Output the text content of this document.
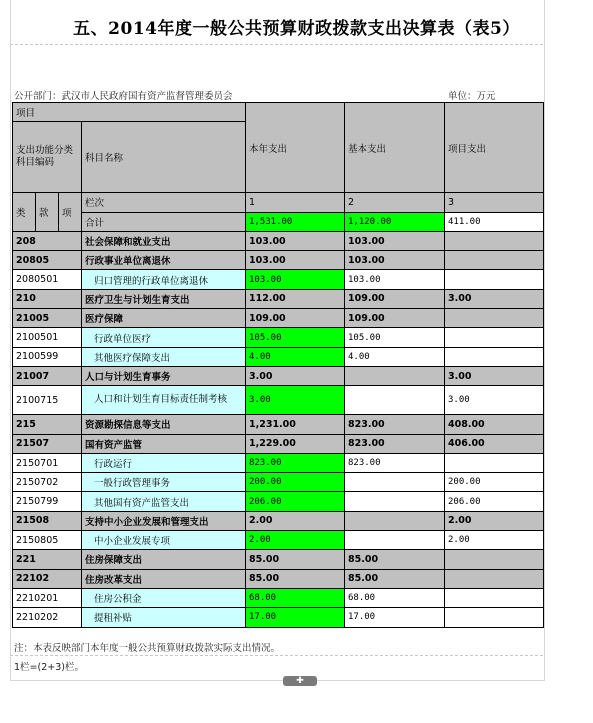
五、2014年度一般公共预算财政拨款支出决算表（表5）
公开部门：武汉市人民政府国有资产监督管理委员会	单位：万元
项目				本年支出	基本支出	项目支出
支出功能分类科目编码			科目名称			

类	款	项	栏次	1	2	3
			合计	1,531.00	1,120.00	411.00
208			社会保障和就业支出	103.00	103.00	
20805			行政事业单位离退休	103.00	103.00	
2080501			归口管理的行政单位离退休	103.00	103.00	
210			医疗卫生与计划生育支出	112.00	109.00	3.00
21005			医疗保障	109.00	109.00	
2100501			行政单位医疗	105.00	105.00	
2100599			其他医疗保障支出	4.00	4.00	
21007			人口与计划生育事务	3.00		3.00
2100715			人口和计划生育目标责任制考核	3.00		3.00
215			资源勘探信息等支出	1,231.00	823.00	408.00
21507			国有资产监管	1,229.00	823.00	406.00
2150701			行政运行	823.00	823.00	
2150702			一般行政管理事务	200.00		200.00
2150799			其他国有资产监管支出	206.00		206.00
21508			支持中小企业发展和管理支出	2.00		2.00
2150805			中小企业发展专项	2.00		2.00
221			住房保障支出	85.00	85.00	
22102			住房改革支出	85.00	85.00	
2210201			住房公积金	68.00	68.00	
2210202			提租补贴	17.00	17.00	
注：本表反映部门本年度一般公共预算财政拨款实际支出情况。
1栏=(2+3)栏。
✚
